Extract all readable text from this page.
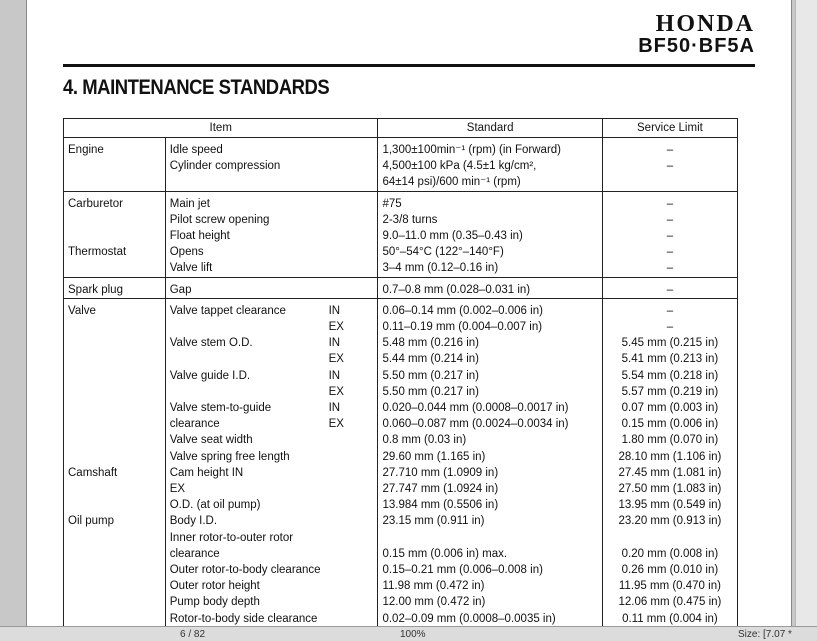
HONDA
BF50·BF5A
4. MAINTENANCE STANDARDS
Item			Standard	Service Limit
Engine	Idle speed		1,300±100min⁻¹ (rpm) (in Forward)	–
	Cylinder compression		4,500±100 kPa (4.5±1 kg/cm²,	–
			64±14 psi)/600 min⁻¹ (rpm)	
Carburetor	Main jet		#75	–
	Pilot screw opening		2-3/8 turns	–
	Float height		9.0–11.0 mm (0.35–0.43 in)	–
Thermostat	Opens		50°–54°C (122°–140°F)	–
	Valve lift		3–4 mm (0.12–0.16 in)	–
Spark plug	Gap		0.7–0.8 mm (0.028–0.031 in)	–
Valve	Valve tappet clearance	IN	0.06–0.14 mm (0.002–0.006 in)	–
		EX	0.11–0.19 mm (0.004–0.007 in)	–
	Valve stem O.D.	IN	5.48 mm (0.216 in)	5.45 mm (0.215 in)
		EX	5.44 mm (0.214 in)	5.41 mm (0.213 in)
	Valve guide I.D.	IN	5.50 mm (0.217 in)	5.54 mm (0.218 in)
		EX	5.50 mm (0.217 in)	5.57 mm (0.219 in)
	Valve stem-to-guide	IN	0.020–0.044 mm (0.0008–0.0017 in)	0.07 mm (0.003 in)
	clearance	EX	0.060–0.087 mm (0.0024–0.0034 in)	0.15 mm (0.006 in)
	Valve seat width		0.8 mm (0.03 in)	1.80 mm (0.070 in)
	Valve spring free length		29.60 mm (1.165 in)	28.10 mm (1.106 in)
Camshaft	Cam height IN		27.710 mm (1.0909 in)	27.45 mm (1.081 in)
	EX		27.747 mm (1.0924 in)	27.50 mm (1.083 in)
	O.D. (at oil pump)		13.984 mm (0.5506 in)	13.95 mm (0.549 in)
Oil pump	Body I.D.		23.15 mm (0.911 in)	23.20 mm (0.913 in)
	Inner rotor-to-outer rotor			
	clearance		0.15 mm (0.006 in) max.	0.20 mm (0.008 in)
	Outer rotor-to-body clearance		0.15–0.21 mm (0.006–0.008 in)	0.26 mm (0.010 in)
	Outer rotor height		11.98 mm (0.472 in)	11.95 mm (0.470 in)
	Pump body depth		12.00 mm (0.472 in)	12.06 mm (0.475 in)
	Rotor-to-body side clearance		0.02–0.09 mm (0.0008–0.0035 in)	0.11 mm (0.004 in)
6 / 82	100%	Size: [7.07 *
